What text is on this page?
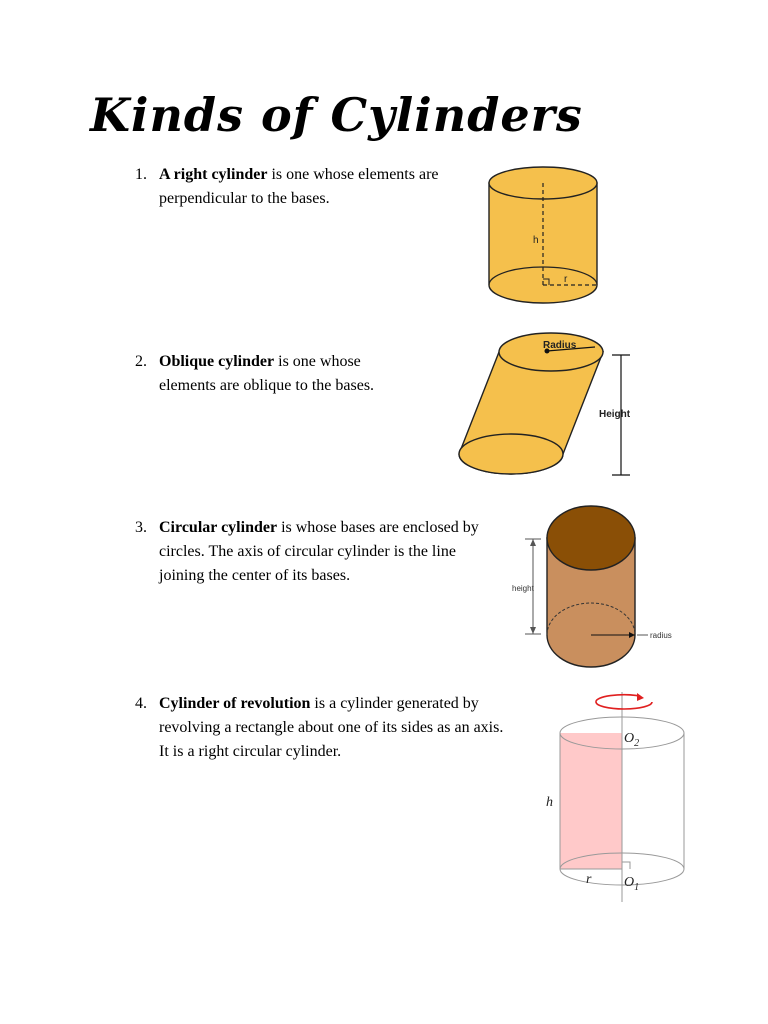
Kinds of Cylinders
1. A right cylinder is one whose elements are
perpendicular to the bases.
h
r
2. Oblique cylinder is one whose
elements are oblique to the bases.
Radius
Height
3. Circular cylinder is whose bases are enclosed by
circles. The axis of circular cylinder is the line
joining the center of its bases.
radius
height
4. Cylinder of revolution is a cylinder generated by
revolving a rectangle about one of its sides as an axis.
It is a right circular cylinder.
$O_2$
$O_1$
h
r
